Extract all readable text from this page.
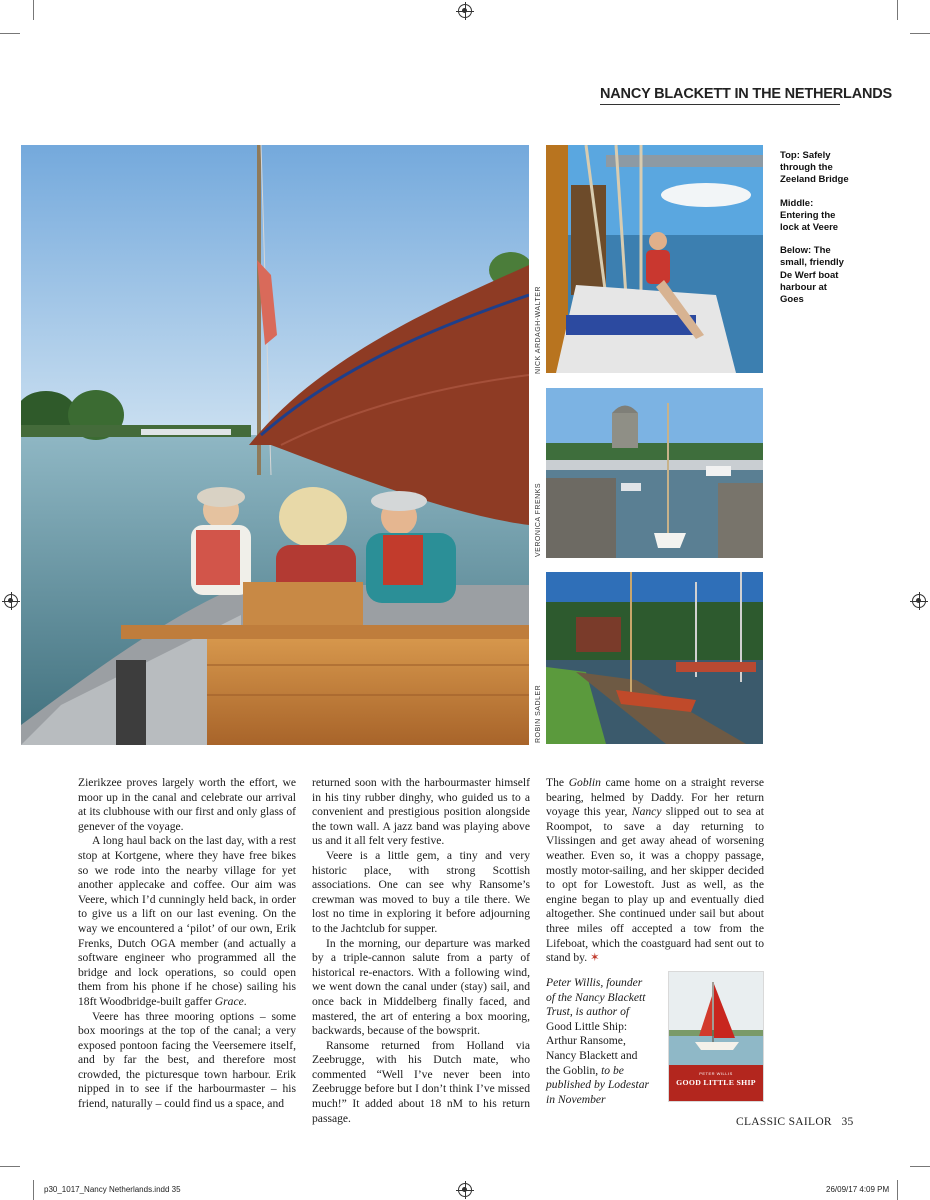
NANCY BLACKETT IN THE NETHERLANDS
NICK ARDAGH-WALTER
VERONICA FRENKS
ROBIN SADLER

Top: Safely through the Zeeland Bridge

Middle: Entering the lock at Veere

Below: The small, friendly De Werf boat harbour at Goes

Zierikzee proves largely worth the effort, we moor up in the canal and celebrate our arrival at its clubhouse with our first and only glass of genever of the voyage.

A long haul back on the last day, with a rest stop at Kortgene, where they have free bikes so we rode into the nearby village for yet another applecake and coffee. Our aim was Veere, which I’d cunningly held back, in order to give us a lift on our last evening. On the way we encountered a ‘pilot’ of our own, Erik Frenks, Dutch OGA member (and actually a software engineer who programmed all the bridge and lock operations, so could open them from his phone if he chose) sailing his 18ft Woodbridge-built gaffer Grace.

Veere has three mooring options – some box moorings at the top of the canal; a very exposed pontoon facing the Veersemere itself, and by far the best, and therefore most crowded, the picturesque town harbour. Erik nipped in to see if the harbourmaster – his friend, naturally – could find us a space, and

returned soon with the harbourmaster himself in his tiny rubber dinghy, who guided us to a convenient and prestigious position alongside the town wall. A jazz band was playing above us and it all felt very festive.

Veere is a little gem, a tiny and very historic place, with strong Scottish associations. One can see why Ransome’s crewman was moved to buy a tile there. We lost no time in exploring it before adjourning to the Jachtclub for supper.

In the morning, our departure was marked by a triple-cannon salute from a party of historical re-enactors. With a following wind, we went down the canal under (stay) sail, and once back in Middelberg finally faced, and mastered, the art of entering a box mooring, backwards, because of the bowsprit.

Ransome returned from Holland via Zeebrugge, with his Dutch mate, who commented “Well I’ve never been into Zeebrugge before but I don’t think I’ve missed much!” It added about 18 nM to his return passage.

The Goblin came home on a straight reverse bearing, helmed by Daddy. For her return voyage this year, Nancy slipped out to sea at Roompot, to save a day returning to Vlissingen and get away ahead of worsening weather. Even so, it was a choppy passage, mostly motor-sailing, and her skipper decided to opt for Lowestoft. Just as well, as the engine began to play up and eventually died altogether. She continued under sail but about three miles off accepted a tow from the Lifeboat, which the coastguard had sent out to stand by. ✶

Peter Willis, founder of the Nancy Blackett Trust, is author of Good Little Ship: Arthur Ransome, Nancy Blackett and the Goblin, to be published by Lodestar in November
PETER WILLIS
GOOD LITTLE SHIP
CLASSIC SAILOR 35
p30_1017_Nancy Netherlands.indd 35	26/09/17 4:09 PM
